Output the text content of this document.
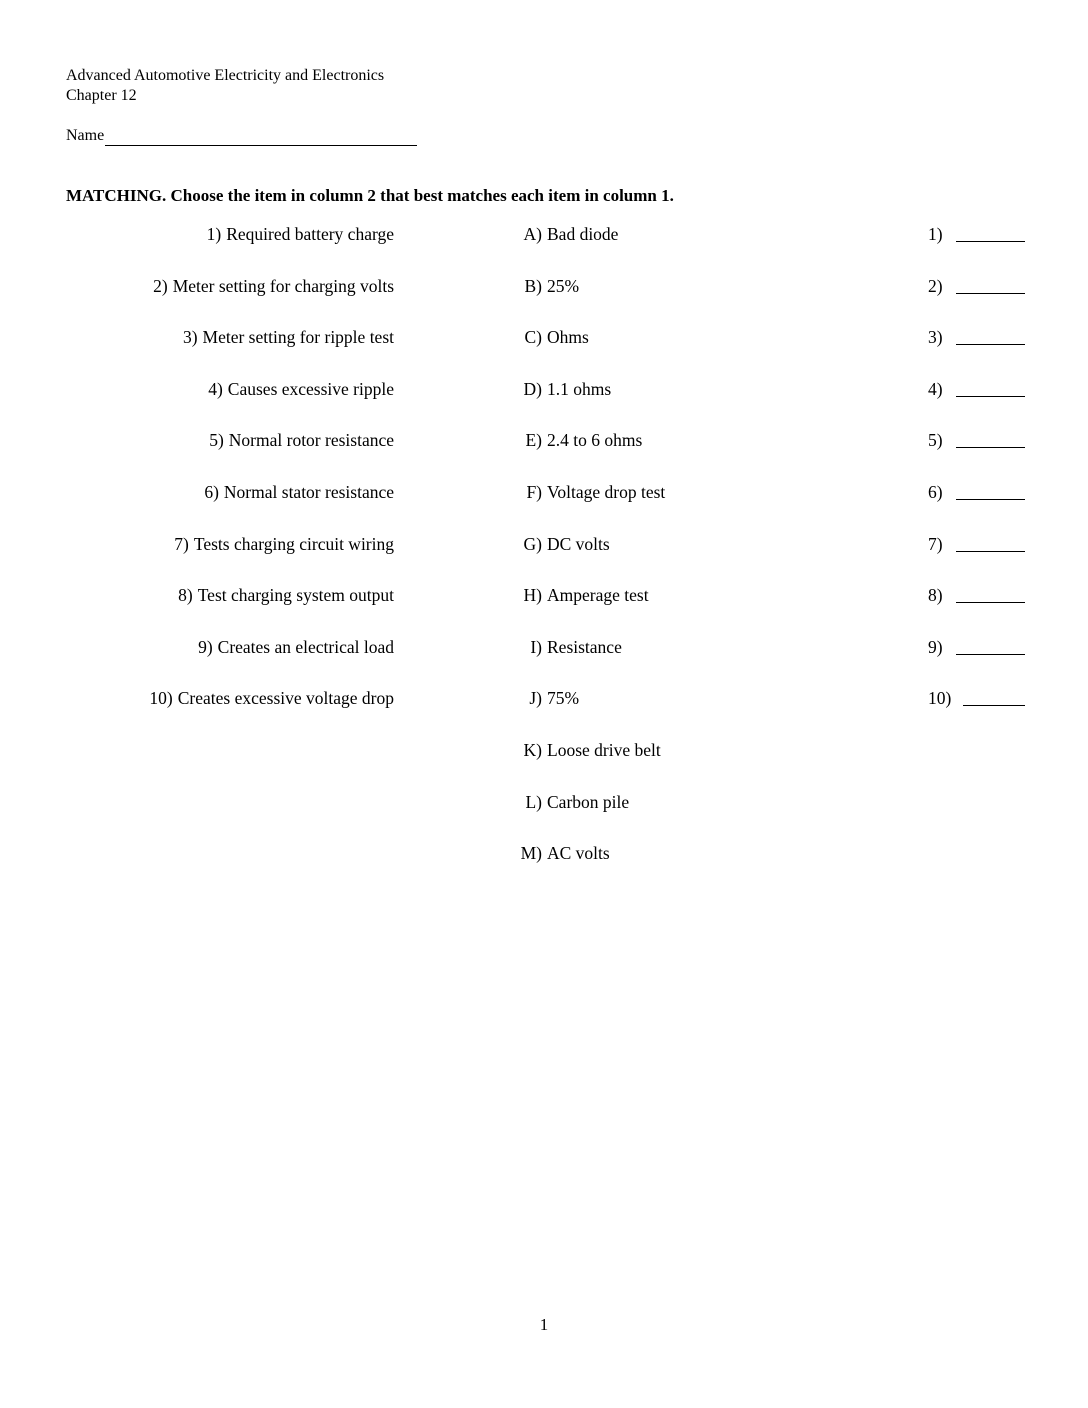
Advanced Automotive Electricity and Electronics
Chapter 12
Name
MATCHING. Choose the item in column 2 that best matches each item in column 1.
1) Required battery charge	A) Bad diode	1)
2) Meter setting for charging volts	B) 25%	2)
3) Meter setting for ripple test	C) Ohms	3)
4) Causes excessive ripple	D) 1.1 ohms	4)
5) Normal rotor resistance	E) 2.4 to 6 ohms	5)
6) Normal stator resistance	F) Voltage drop test	6)
7) Tests charging circuit wiring	G) DC volts	7)
8) Test charging system output	H) Amperage test	8)
9) Creates an electrical load	I) Resistance	9)
10) Creates excessive voltage drop	J) 75%	10)
K) Loose drive belt
L) Carbon pile
M) AC volts
1
